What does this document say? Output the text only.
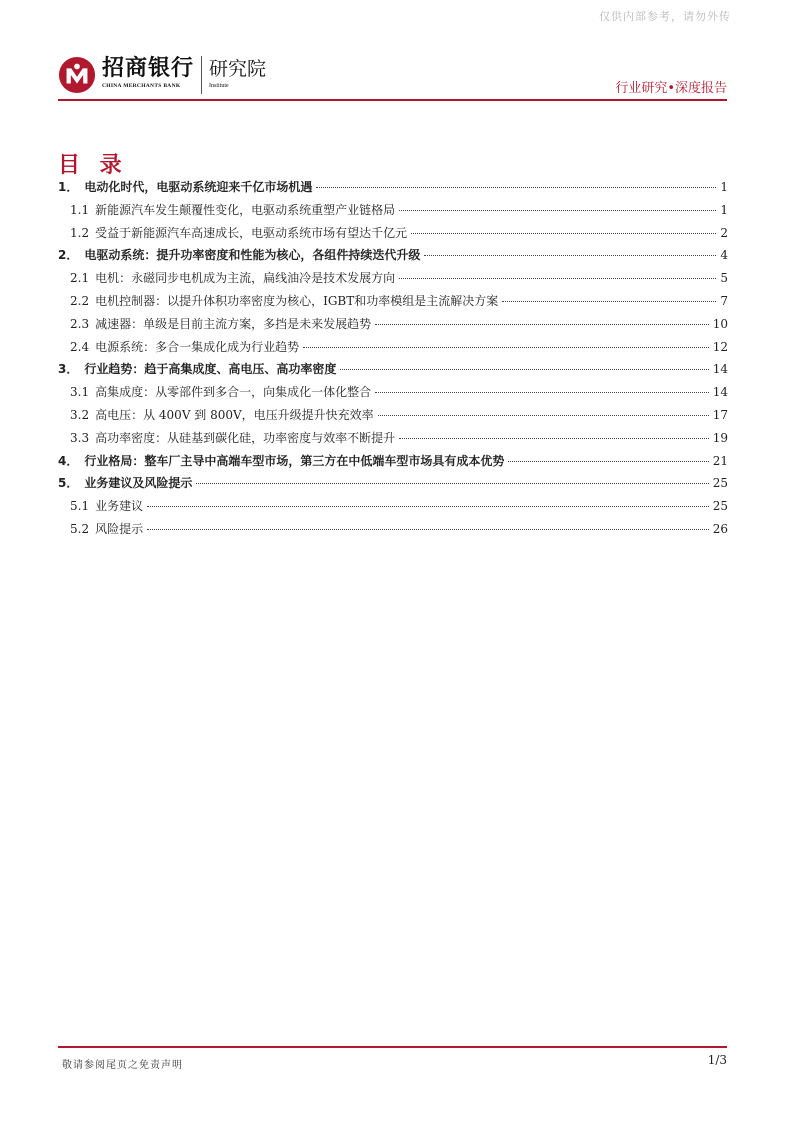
仅供内部参考，请勿外传
招商银行
CHINA MERCHANTS BANK
研究院
Institute	行业研究•深度报告
目 录
1． 电动化时代，电驱动系统迎来千亿市场机遇	1
1.1 新能源汽车发生颠覆性变化，电驱动系统重塑产业链格局	1
1.2 受益于新能源汽车高速成长，电驱动系统市场有望达千亿元	2
2． 电驱动系统：提升功率密度和性能为核心，各组件持续迭代升级	4
2.1 电机：永磁同步电机成为主流，扁线油冷是技术发展方向	5
2.2 电机控制器：以提升体积功率密度为核心，IGBT和功率模组是主流解决方案	7
2.3 减速器：单级是目前主流方案，多挡是未来发展趋势	10
2.4 电源系统：多合一集成化成为行业趋势	12
3． 行业趋势：趋于高集成度、高电压、高功率密度	14
3.1 高集成度：从零部件到多合一，向集成化一体化整合	14
3.2 高电压：从 400V 到 800V，电压升级提升快充效率	17
3.3 高功率密度：从硅基到碳化硅，功率密度与效率不断提升	19
4． 行业格局：整车厂主导中高端车型市场，第三方在中低端车型市场具有成本优势	21
5． 业务建议及风险提示	25
5.1 业务建议	25
5.2 风险提示	26
敬请参阅尾页之免责声明	1/3
